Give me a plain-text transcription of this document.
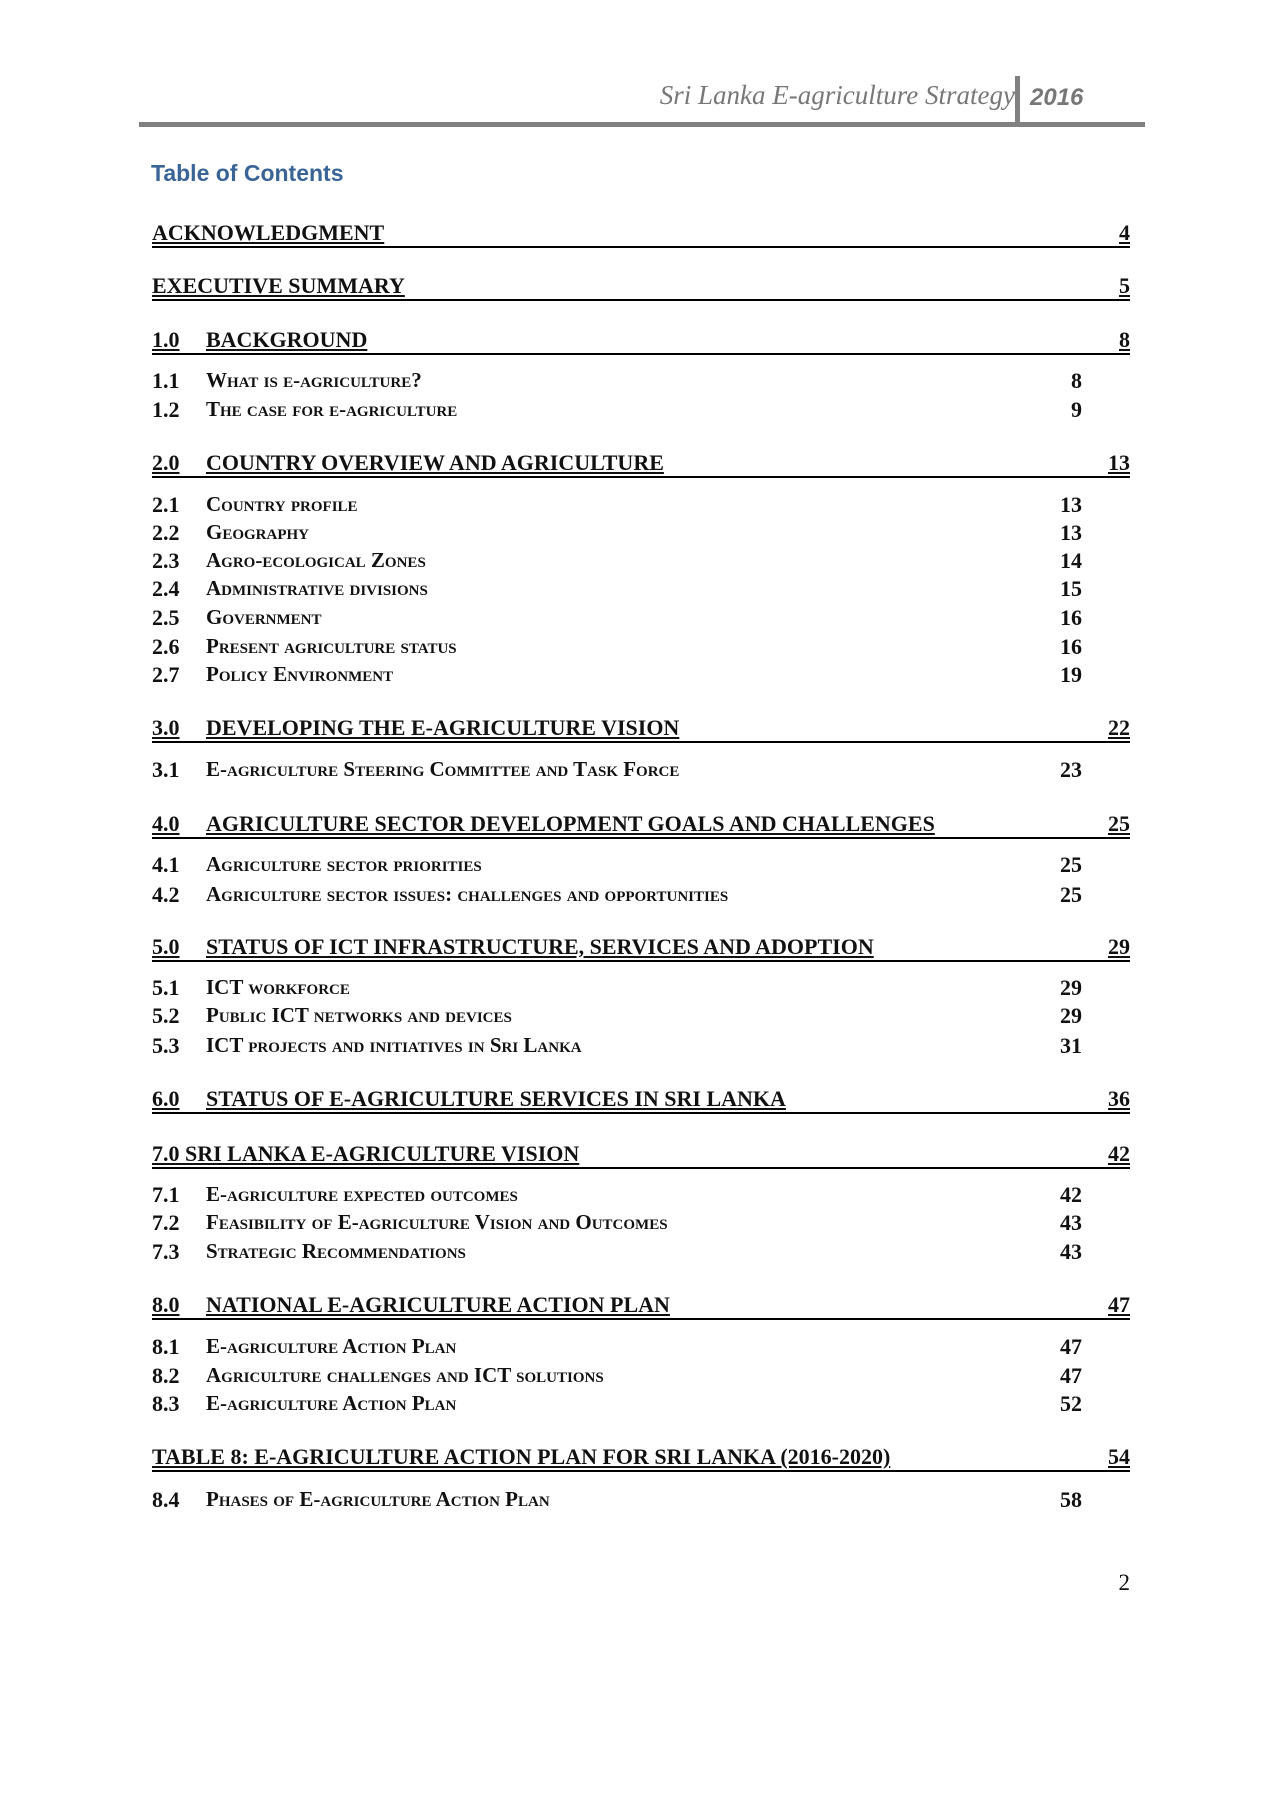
Sri Lanka E-agriculture Strategy 2016
Table of Contents
ACKNOWLEDGMENT	4
EXECUTIVE SUMMARY	5
1.0 BACKGROUND	8
1.1 What is e-agriculture?	8
1.2 The case for e-agriculture	9
2.0 COUNTRY OVERVIEW AND AGRICULTURE	13
2.1 Country profile	13
2.2 Geography	13
2.3 Agro-ecological Zones	14
2.4 Administrative divisions	15
2.5 Government	16
2.6 Present agriculture status	16
2.7 Policy Environment	19
3.0 DEVELOPING THE E-AGRICULTURE VISION	22
3.1 E-agriculture Steering Committee and Task Force	23
4.0 AGRICULTURE SECTOR DEVELOPMENT GOALS AND CHALLENGES	25
4.1 Agriculture sector priorities	25
4.2 Agriculture sector issues: challenges and opportunities	25
5.0 STATUS OF ICT INFRASTRUCTURE, SERVICES AND ADOPTION	29
5.1 ICT workforce	29
5.2 Public ICT networks and devices	29
5.3 ICT projects and initiatives in Sri Lanka	31
6.0 STATUS OF E-AGRICULTURE SERVICES IN SRI LANKA	36
7.0 SRI LANKA E-AGRICULTURE VISION	42
7.1 E-agriculture expected outcomes	42
7.2 Feasibility of E-agriculture Vision and Outcomes	43
7.3 Strategic Recommendations	43
8.0 NATIONAL E-AGRICULTURE ACTION PLAN	47
8.1 E-agriculture Action Plan	47
8.2 Agriculture challenges and ICT solutions	47
8.3 E-agriculture Action Plan	52
TABLE 8: E-AGRICULTURE ACTION PLAN FOR SRI LANKA (2016-2020)	54
8.4 Phases of E-agriculture Action Plan	58
2
